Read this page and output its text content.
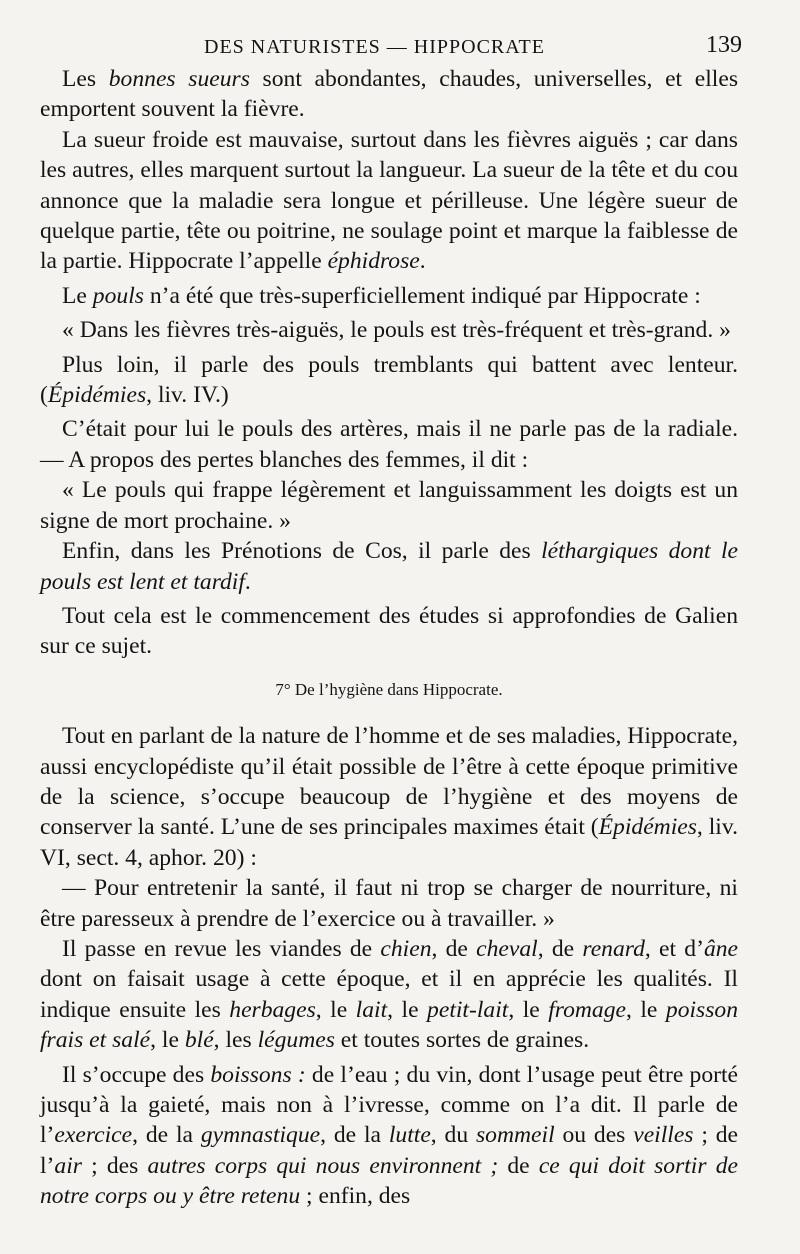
DES NATURISTES — HIPPOCRATE	139

Les bonnes sueurs sont abondantes, chaudes, universelles, et elles emportent souvent la fièvre.

La sueur froide est mauvaise, surtout dans les fièvres aiguës ; car dans les autres, elles marquent surtout la langueur. La sueur de la tête et du cou annonce que la maladie sera longue et périlleuse. Une légère sueur de quelque partie, tête ou poitrine, ne soulage point et marque la faiblesse de la partie. Hippocrate l’appelle éphidrose.

Le pouls n’a été que très-superficiellement indiqué par Hippocrate :

« Dans les fièvres très-aiguës, le pouls est très-fréquent et très-grand. »

Plus loin, il parle des pouls tremblants qui battent avec lenteur. (Épidémies, liv. IV.)

C’était pour lui le pouls des artères, mais il ne parle pas de la radiale. — A propos des pertes blanches des femmes, il dit :

« Le pouls qui frappe légèrement et languissamment les doigts est un signe de mort prochaine. »

Enfin, dans les Prénotions de Cos, il parle des léthargiques dont le pouls est lent et tardif.

Tout cela est le commencement des études si approfondies de Galien sur ce sujet.

7° De l’hygiène dans Hippocrate.

Tout en parlant de la nature de l’homme et de ses maladies, Hippocrate, aussi encyclopédiste qu’il était possible de l’être à cette époque primitive de la science, s’occupe beaucoup de l’hygiène et des moyens de conserver la santé. L’une de ses principales maximes était (Épidémies, liv. VI, sect. 4, aphor. 20) :

— Pour entretenir la santé, il faut ni trop se charger de nourriture, ni être paresseux à prendre de l’exercice ou à travailler. »

Il passe en revue les viandes de chien, de cheval, de renard, et d’âne dont on faisait usage à cette époque, et il en apprécie les qualités. Il indique ensuite les herbages, le lait, le petit-lait, le fromage, le poisson frais et salé, le blé, les légumes et toutes sortes de graines.

Il s’occupe des boissons : de l’eau ; du vin, dont l’usage peut être porté jusqu’à la gaieté, mais non à l’ivresse, comme on l’a dit. Il parle de l’exercice, de la gymnastique, de la lutte, du sommeil ou des veilles ; de l’air ; des autres corps qui nous environnent ; de ce qui doit sortir de notre corps ou y être retenu ; enfin, des
